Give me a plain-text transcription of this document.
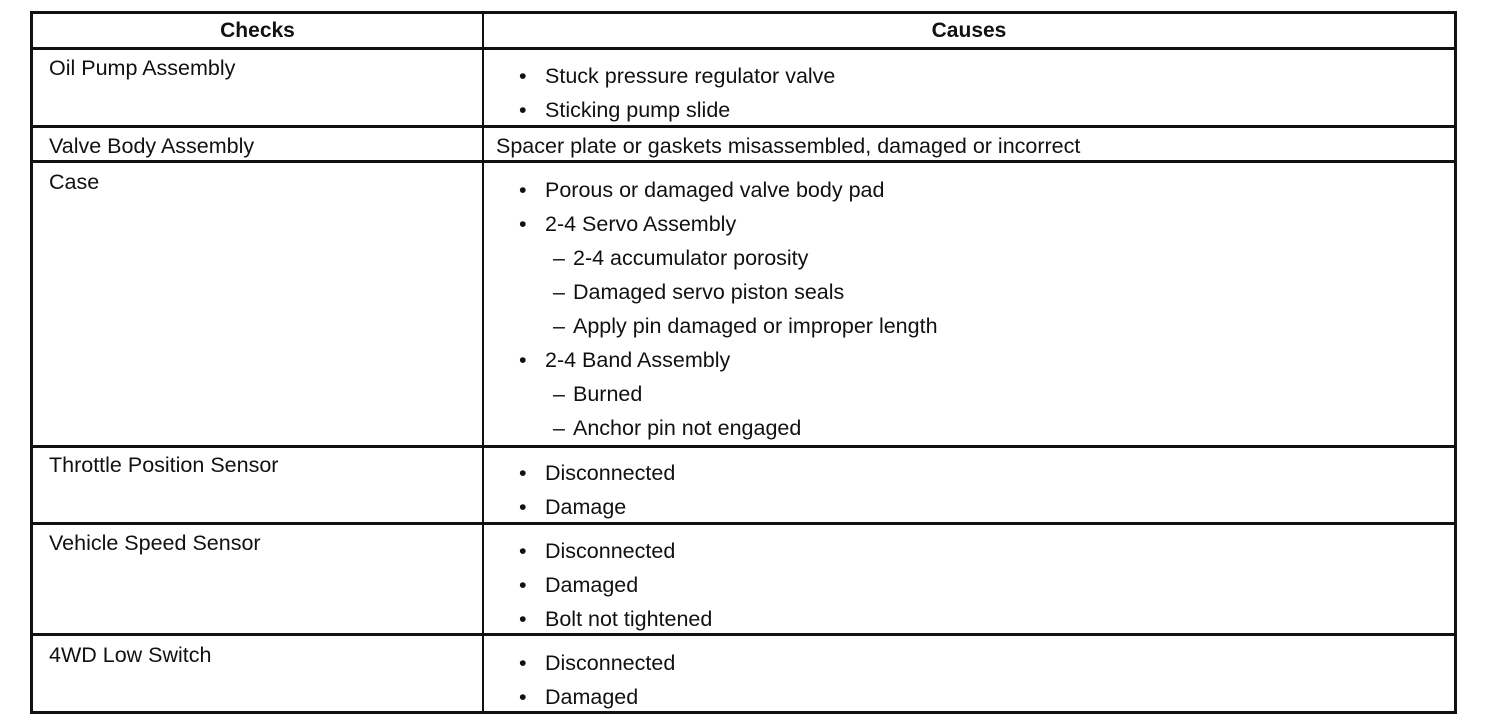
Checks	Causes
Oil Pump Assembly	• Stuck pressure regulator valve
• Sticking pump slide
Valve Body Assembly	Spacer plate or gaskets misassembled, damaged or incorrect
Case	• Porous or damaged valve body pad
• 2-4 Servo Assembly
– 2-4 accumulator porosity
– Damaged servo piston seals
– Apply pin damaged or improper length
• 2-4 Band Assembly
– Burned
– Anchor pin not engaged
Throttle Position Sensor	• Disconnected
• Damage
Vehicle Speed Sensor	• Disconnected
• Damaged
• Bolt not tightened
4WD Low Switch	• Disconnected
• Damaged
